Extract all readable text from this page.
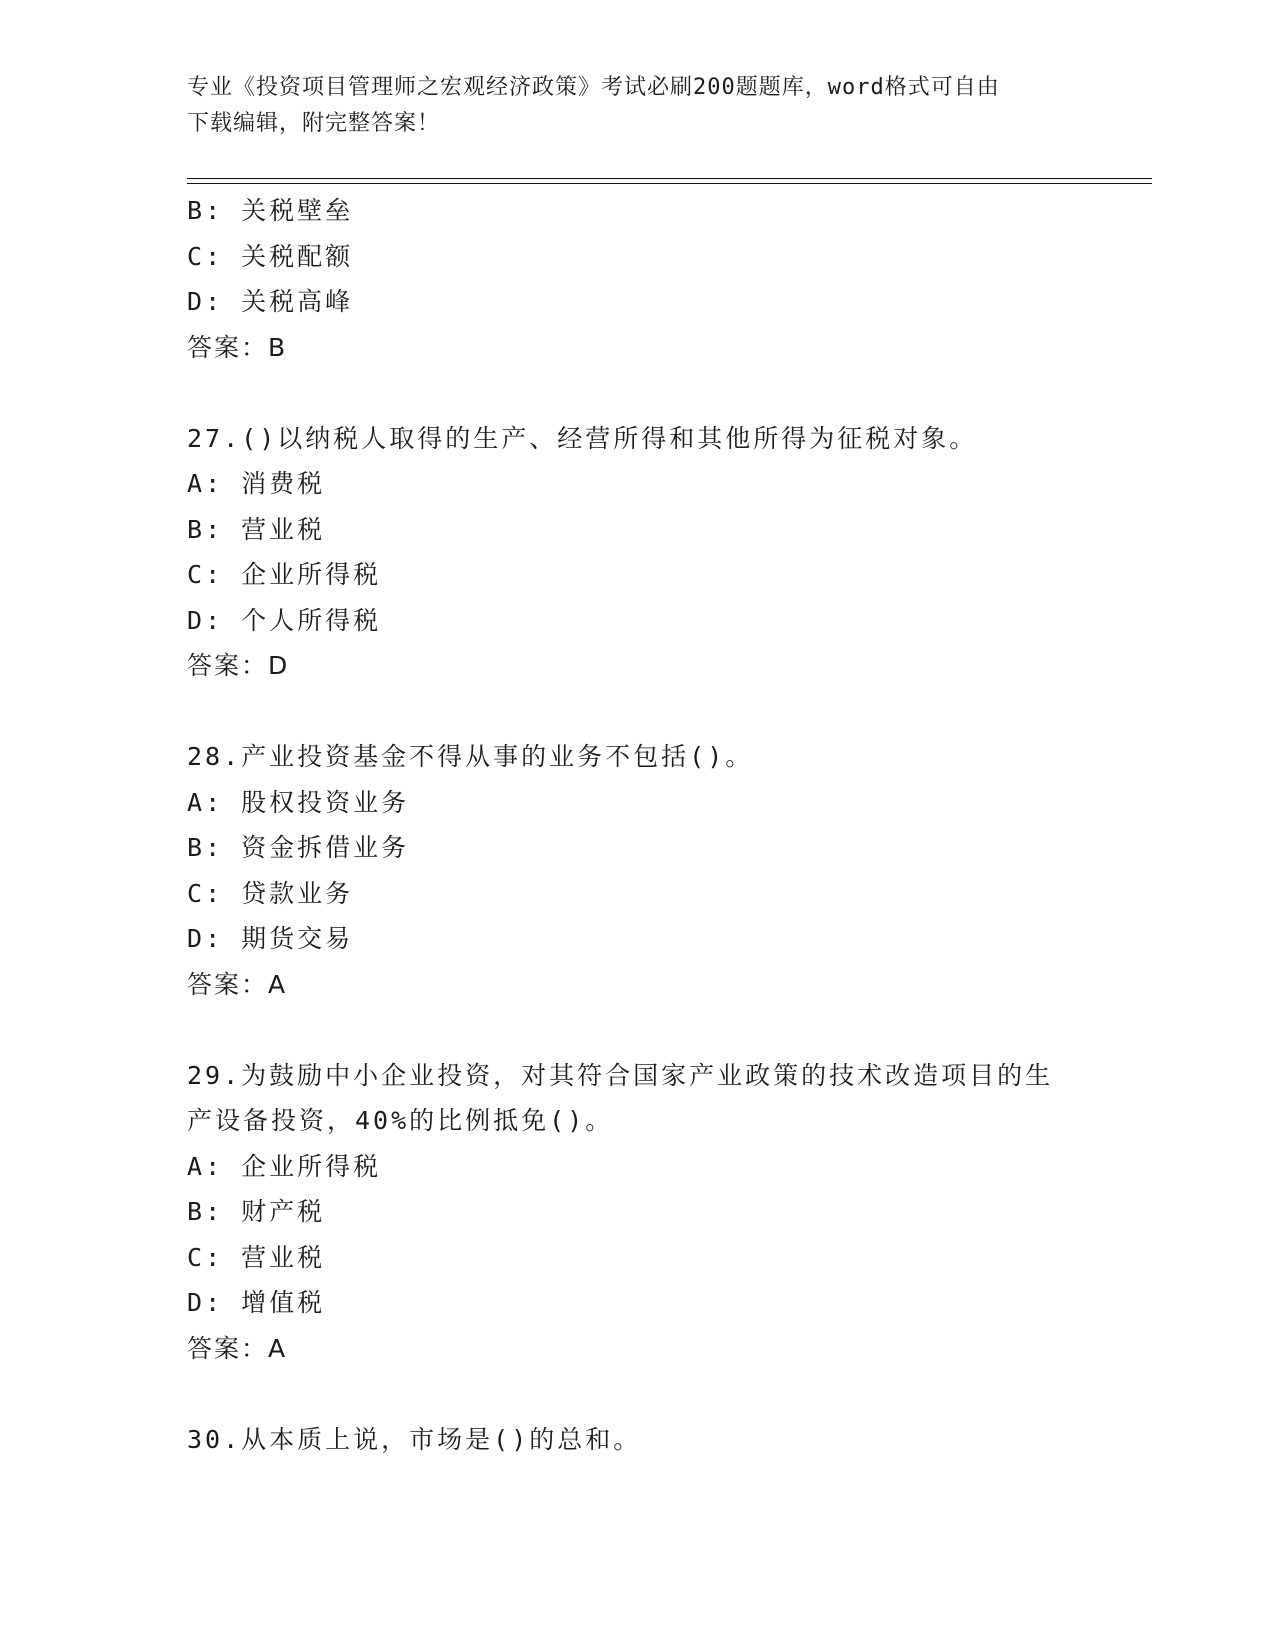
专业《投资项目管理师之宏观经济政策》考试必刷200题题库，word格式可自由
下载编辑，附完整答案！
B: 关税壁垒
C: 关税配额
D: 关税高峰
答案：B
27.()以纳税人取得的生产、经营所得和其他所得为征税对象。
A: 消费税
B: 营业税
C: 企业所得税
D: 个人所得税
答案：D
28.产业投资基金不得从事的业务不包括()。
A: 股权投资业务
B: 资金拆借业务
C: 贷款业务
D: 期货交易
答案：A
29.为鼓励中小企业投资，对其符合国家产业政策的技术改造项目的生
产设备投资，40%的比例抵免()。
A: 企业所得税
B: 财产税
C: 营业税
D: 增值税
答案：A
30.从本质上说，市场是()的总和。
